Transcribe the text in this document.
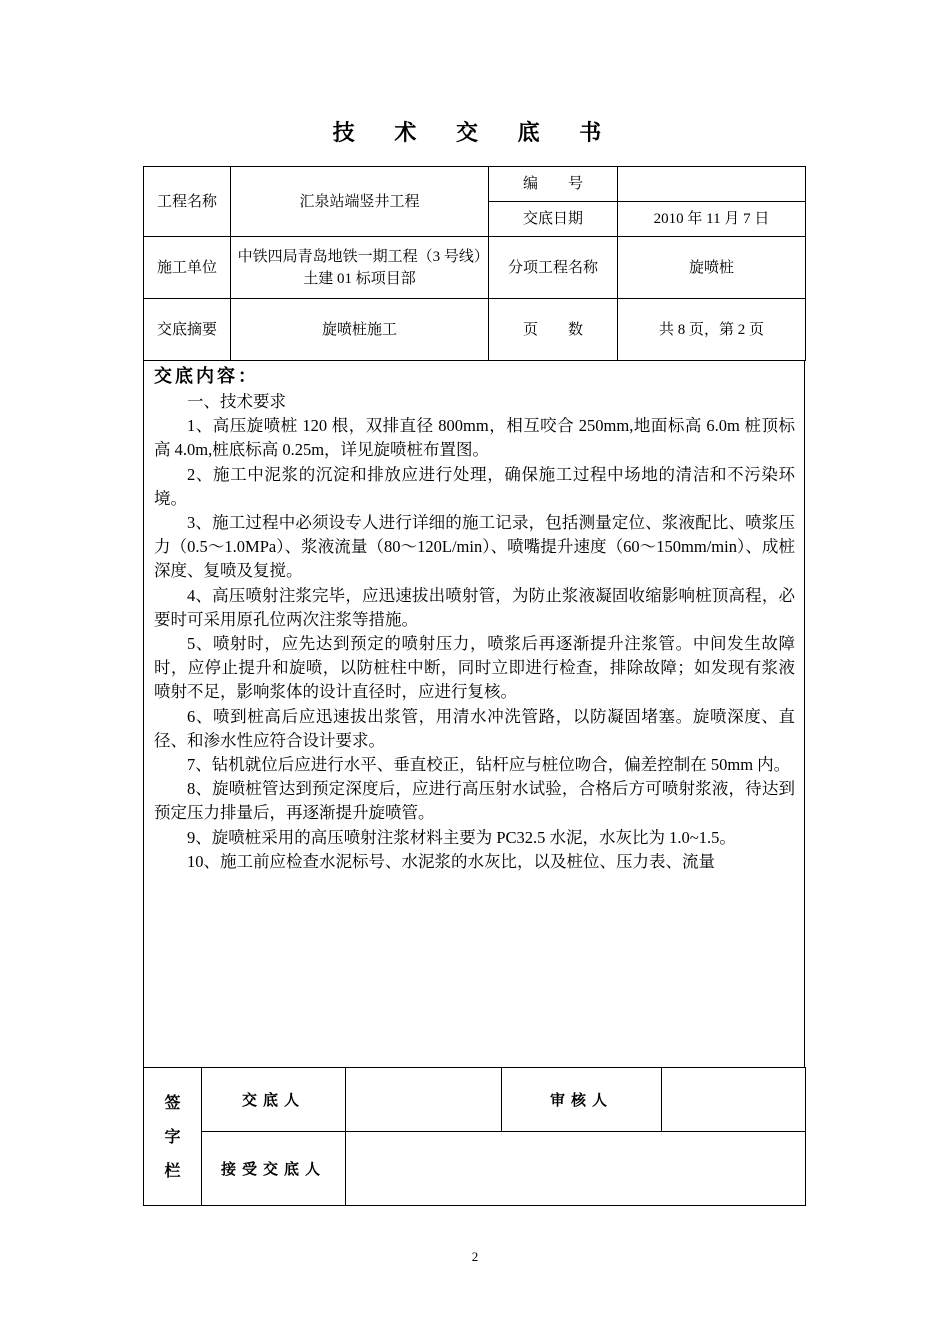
技 术 交 底 书
工程名称	汇泉站端竖井工程	编　　号	
		交底日期	2010 年 11 月 7 日
施工单位	中铁四局青岛地铁一期工程（3 号线）土建 01 标项目部	分项工程名称	旋喷桩
交底摘要	旋喷桩施工	页　　数	共 8 页，第 2 页
交底内容：

一、技术要求

1、高压旋喷桩 120 根，双排直径 800mm，相互咬合 250mm,地面标高 6.0m 桩顶标高 4.0m,桩底标高 0.25m，详见旋喷桩布置图。

2、施工中泥浆的沉淀和排放应进行处理，确保施工过程中场地的清洁和不污染环境。

3、施工过程中必须设专人进行详细的施工记录，包括测量定位、浆液配比、喷浆压力（0.5～1.0MPa）、浆液流量（80～120L/min）、喷嘴提升速度（60～150mm/min）、成桩深度、复喷及复搅。

4、高压喷射注浆完毕，应迅速拔出喷射管，为防止浆液凝固收缩影响桩顶高程，必要时可采用原孔位两次注浆等措施。

5、喷射时，应先达到预定的喷射压力，喷浆后再逐渐提升注浆管。中间发生故障时，应停止提升和旋喷，以防桩柱中断，同时立即进行检查，排除故障；如发现有浆液喷射不足，影响浆体的设计直径时，应进行复核。

6、喷到桩高后应迅速拔出浆管，用清水冲洗管路，以防凝固堵塞。旋喷深度、直径、和渗水性应符合设计要求。

7、钻机就位后应进行水平、垂直校正，钻杆应与桩位吻合，偏差控制在 50mm 内。

8、旋喷桩管达到预定深度后，应进行高压射水试验，合格后方可喷射浆液，待达到预定压力排量后，再逐渐提升旋喷管。

9、旋喷桩采用的高压喷射注浆材料主要为 PC32.5 水泥，水灰比为 1.0~1.5。

10、施工前应检查水泥标号、水泥浆的水灰比，以及桩位、压力表、流量

签
字
栏	交底人		审核人	
	接受交底人			
2
